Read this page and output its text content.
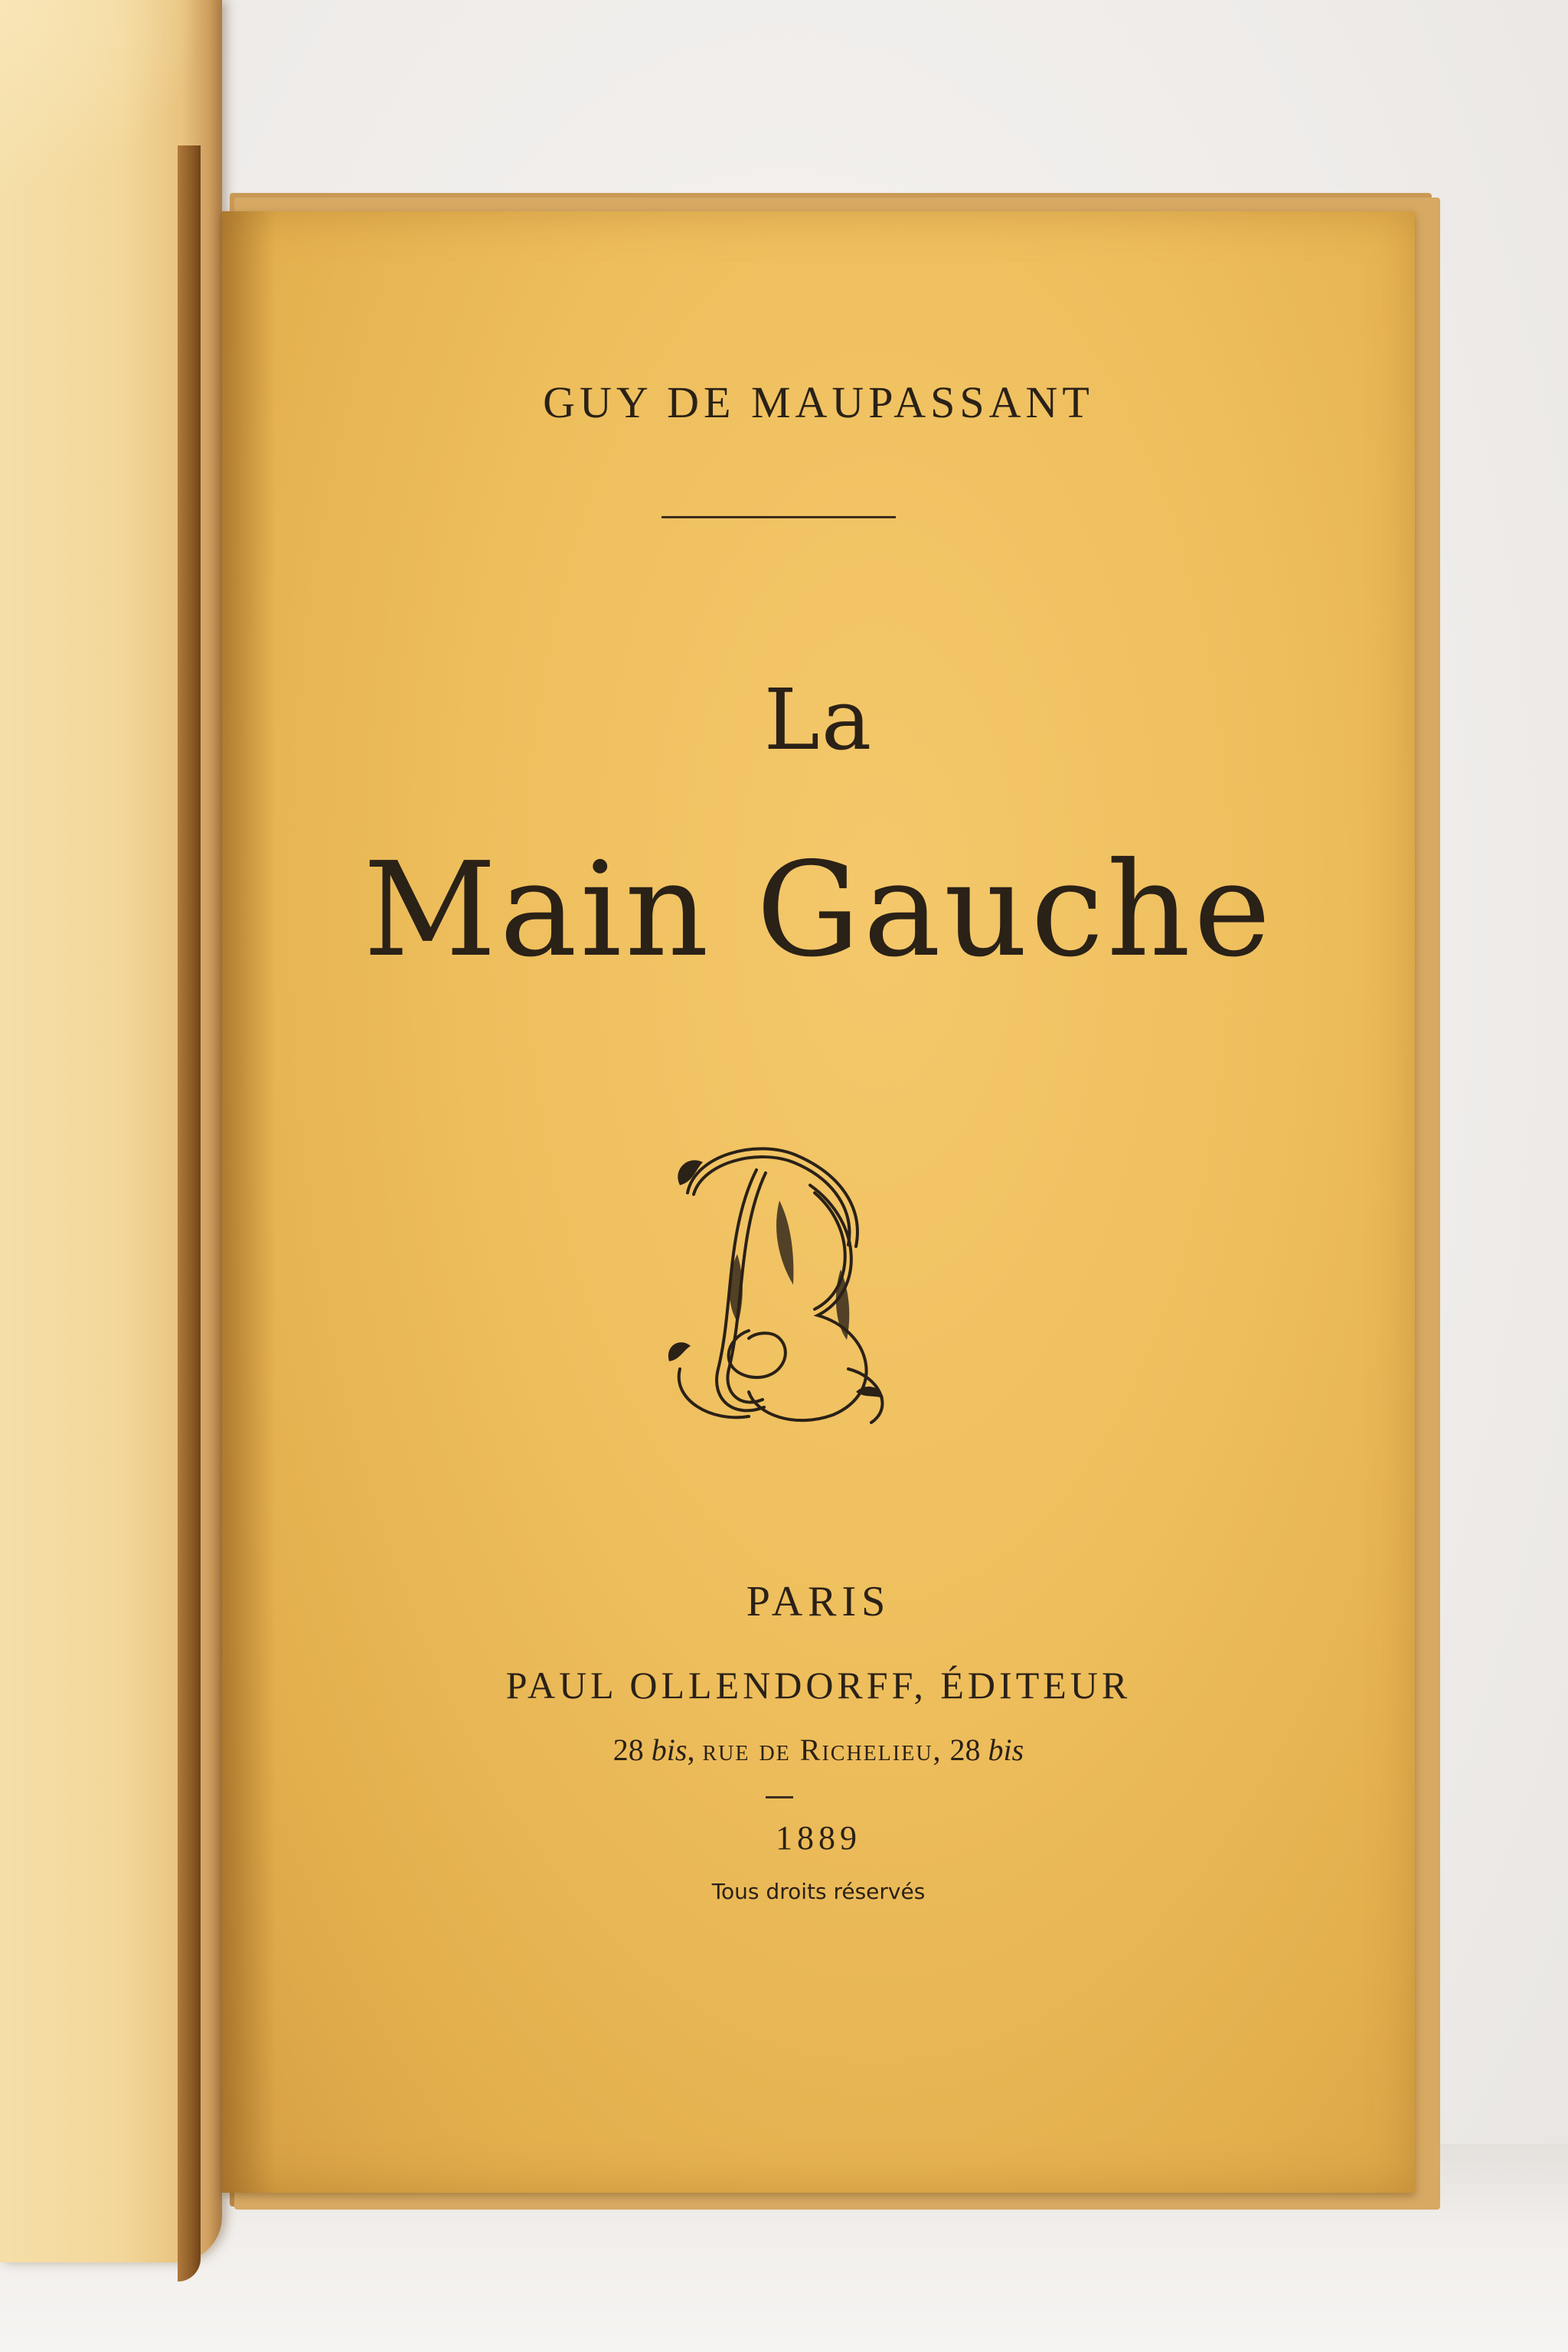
GUY DE MAUPASSANT
La
Main Gauche
PARIS
PAUL OLLENDORFF, ÉDITEUR
28 bis, rue de Richelieu, 28 bis
1889
Tous droits réservés
